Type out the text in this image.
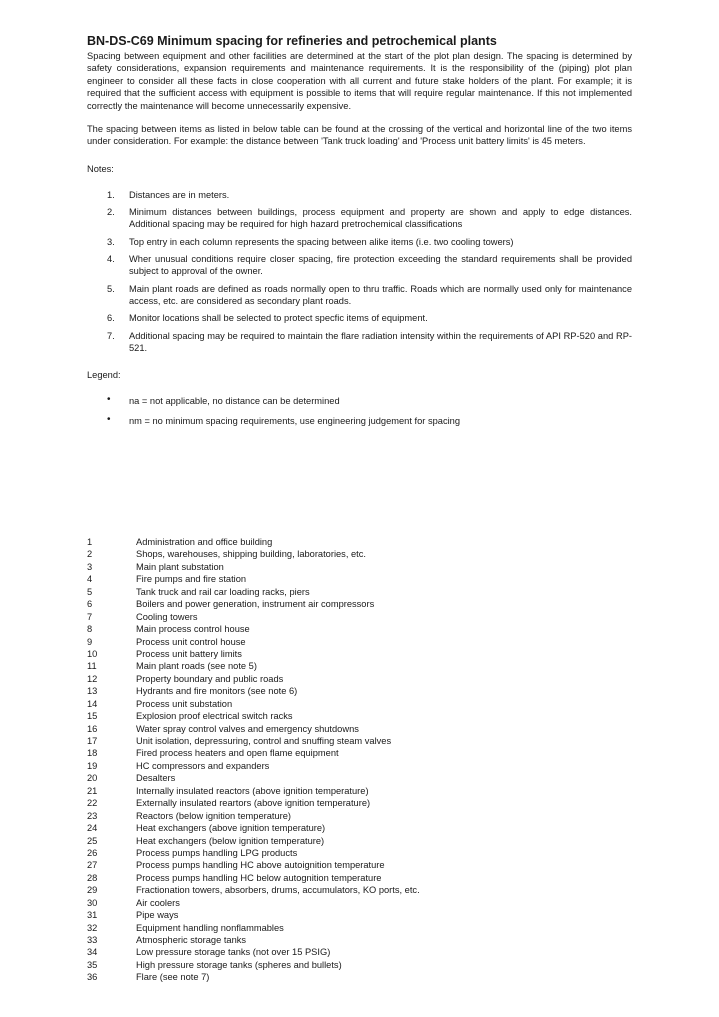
BN-DS-C69 Minimum spacing for refineries and petrochemical plants

Spacing between equipment and other facilities are determined at the start of the plot plan design. The spacing is determined by safety considerations, expansion requirements and maintenance requirements. It is the responsibility of the (piping) plot plan engineer to consider all these facts in close cooperation with all current and future stake holders of the plant. For example; it is required that the sufficient access with equipment is possible to items that will require regular maintenance. If this not implemented correctly the maintenance will become unnecessarily expensive.

The spacing between items as listed in below table can be found at the crossing of the vertical and horizontal line of the two items under consideration. For example: the distance between 'Tank truck loading' and 'Process unit battery limits' is 45 meters.

Notes:
1. Distances are in meters.
2. Minimum distances between buildings, process equipment and property are shown and apply to edge distances. Additional spacing may be required for high hazard pretrochemical classifications
3. Top entry in each column represents the spacing between alike items (i.e. two cooling towers)
4. Wher unusual conditions require closer spacing, fire protection exceeding the standard requirements shall be provided subject to approval of the owner.
5. Main plant roads are defined as roads normally open to thru traffic. Roads which are normally used only for maintenance access, etc. are considered as secondary plant roads.
6. Monitor locations shall be selected to protect specfic items of equipment.
7. Additional spacing may be required to maintain the flare radiation intensity within the requirements of API RP-520 and RP-521.
Legend:
• na = not applicable, no distance can be determined
• nm = no minimum spacing requirements, use engineering judgement for spacing
1	Administration and office building
2	Shops, warehouses, shipping building, laboratories, etc.
3	Main plant substation
4	Fire pumps and fire station
5	Tank truck and rail car loading racks, piers
6	Boilers and power generation, instrument air compressors
7	Cooling towers
8	Main process control house
9	Process unit control house
10	Process unit battery limits
11	Main plant roads (see note 5)
12	Property boundary and public roads
13	Hydrants and fire monitors (see note 6)
14	Process unit substation
15	Explosion proof electrical switch racks
16	Water spray control valves and emergency shutdowns
17	Unit isolation, depressuring, control and snuffing steam valves
18	Fired process heaters and open flame equipment
19	HC compressors and expanders
20	Desalters
21	Internally insulated reactors (above ignition temperature)
22	Externally insulated reartors (above ignition temperature)
23	Reactors (below ignition temperature)
24	Heat exchangers (above ignition temperature)
25	Heat exchangers (below ignition temperature)
26	Process pumps handling LPG products
27	Process pumps handling HC above autoignition temperature
28	Process pumps handling HC below autognition temperature
29	Fractionation towers, absorbers, drums, accumulators, KO ports, etc.
30	Air coolers
31	Pipe ways
32	Equipment handling nonflammables
33	Atmospheric storage tanks
34	Low pressure storage tanks (not over 15 PSIG)
35	High pressure storage tanks (spheres and bullets)
36	Flare (see note 7)
